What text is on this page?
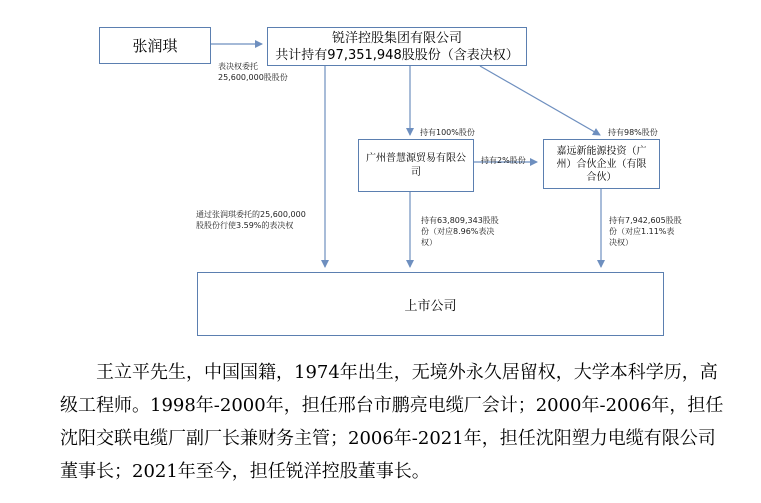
张润琪	锐洋控股集团有限公司
共计持有97,351,948股股份（含表决权）
广州普慧源贸易有限公司
嘉远新能源投资（广州）合伙企业（有限合伙）
上市公司
表决权委托
25,600,000股股份
持有100%股份	持有98%股份
持有2%股份
通过张润琪委托的25,600,000
股股份行使3.59%的表决权
持有63,809,343股股
份（对应8.96%表决
权）
持有7,942,605股股
份（对应1.11%表
决权）

王立平先生，中国国籍，1974年出生，无境外永久居留权，大学本科学历，高级工程师。1998年-2000年，担任邢台市鹏亮电缆厂会计；2000年-2006年，担任沈阳交联电缆厂副厂长兼财务主管；2006年-2021年，担任沈阳塑力电缆有限公司董事长；2021年至今，担任锐洋控股董事长。
